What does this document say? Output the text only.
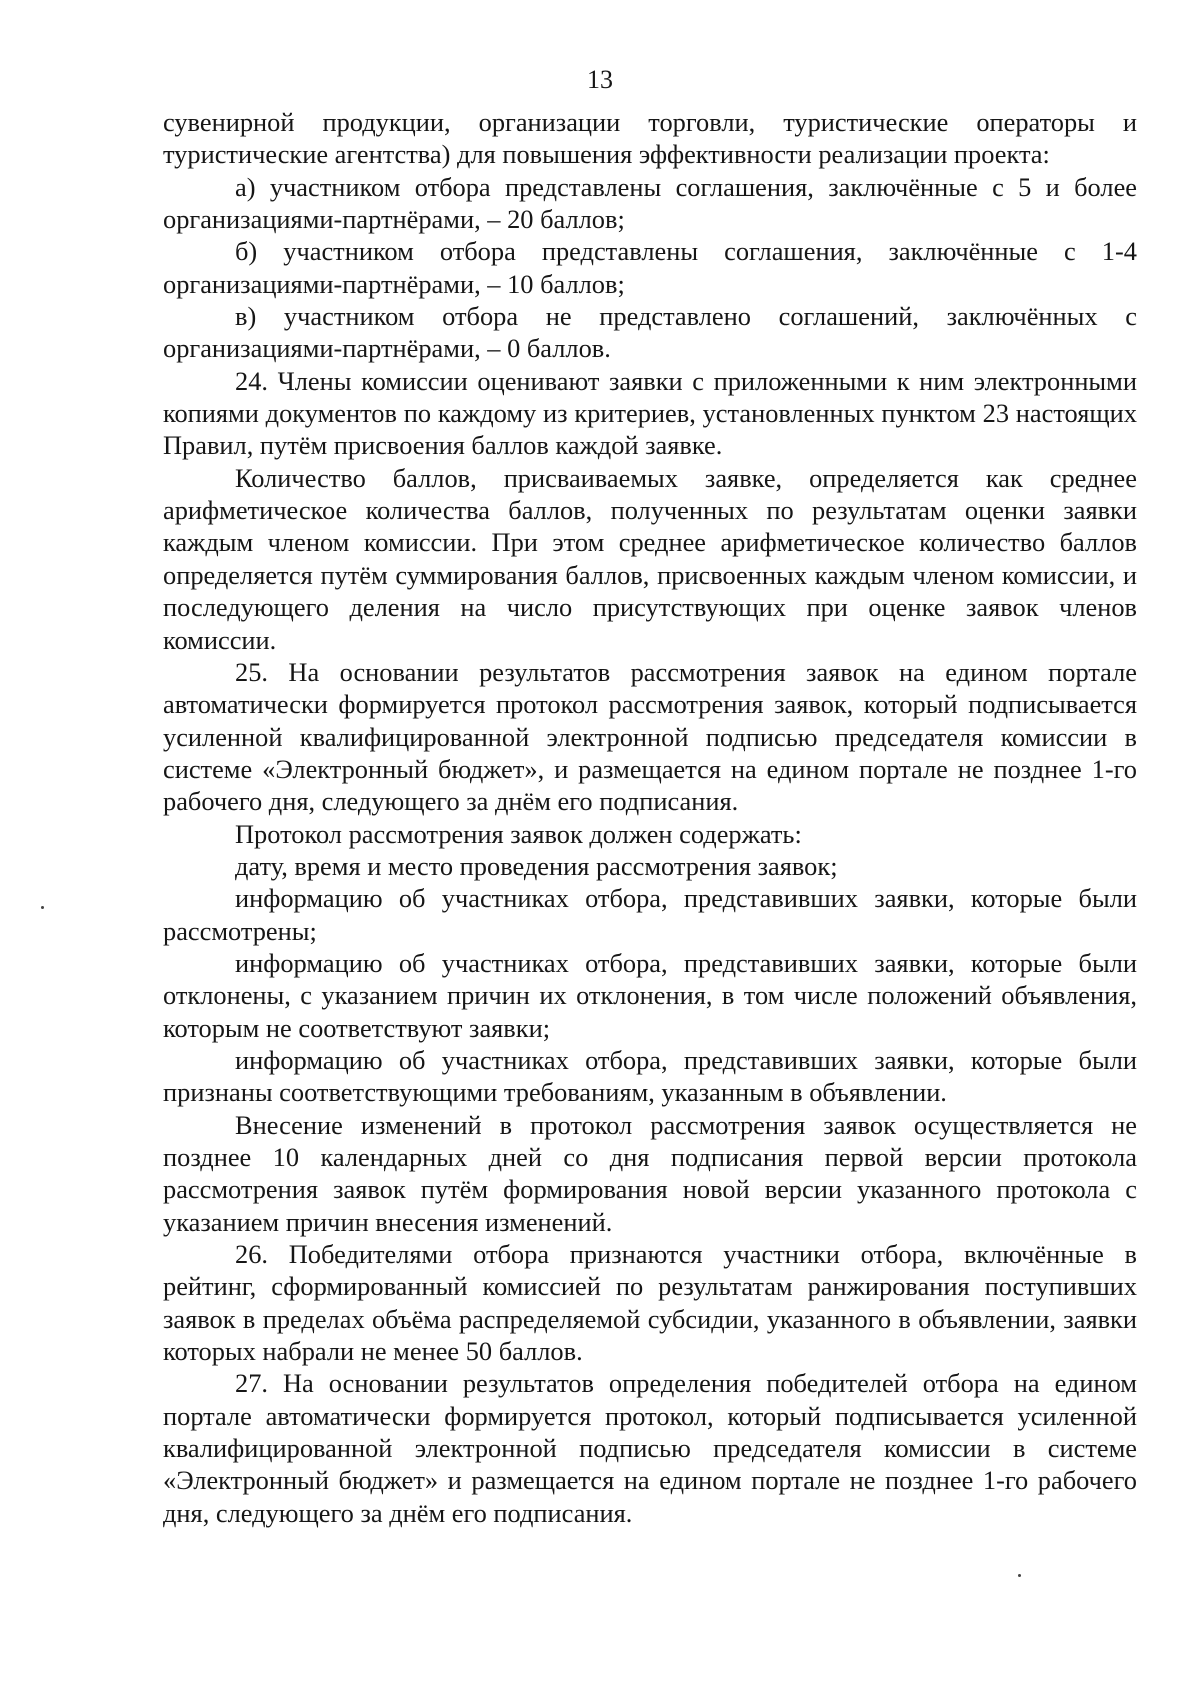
13

сувенирной продукции, организации торговли, туристические операторы и туристические агентства) для повышения эффективности реализации проекта:

а) участником отбора представлены соглашения, заключённые с 5 и более организациями-партнёрами, – 20 баллов;

б) участником отбора представлены соглашения, заключённые с 1-4 организациями-партнёрами, – 10 баллов;

в) участником отбора не представлено соглашений, заключённых с организациями-партнёрами, – 0 баллов.

24. Члены комиссии оценивают заявки с приложенными к ним электронными копиями документов по каждому из критериев, установленных пунктом 23 настоящих Правил, путём присвоения баллов каждой заявке.

Количество баллов, присваиваемых заявке, определяется как среднее арифметическое количества баллов, полученных по результатам оценки заявки каждым членом комиссии. При этом среднее арифметическое количество баллов определяется путём суммирования баллов, присвоенных каждым членом комиссии, и последующего деления на число присутствующих при оценке заявок членов комиссии.

25. На основании результатов рассмотрения заявок на едином портале автоматически формируется протокол рассмотрения заявок, который подписывается усиленной квалифицированной электронной подписью председателя комиссии в системе «Электронный бюджет», и размещается на едином портале не позднее 1-го рабочего дня, следующего за днём его подписания.

Протокол рассмотрения заявок должен содержать:

дату, время и место проведения рассмотрения заявок;

информацию об участниках отбора, представивших заявки, которые были рассмотрены;

информацию об участниках отбора, представивших заявки, которые были отклонены, с указанием причин их отклонения, в том числе положений объявления, которым не соответствуют заявки;

информацию об участниках отбора, представивших заявки, которые были признаны соответствующими требованиям, указанным в объявлении.

Внесение изменений в протокол рассмотрения заявок осуществляется не позднее 10 календарных дней со дня подписания первой версии протокола рассмотрения заявок путём формирования новой версии указанного протокола с указанием причин внесения изменений.

26. Победителями отбора признаются участники отбора, включённые в рейтинг, сформированный комиссией по результатам ранжирования поступивших заявок в пределах объёма распределяемой субсидии, указанного в объявлении, заявки которых набрали не менее 50 баллов.

27. На основании результатов определения победителей отбора на едином портале автоматически формируется протокол, который подписывается усиленной квалифицированной электронной подписью председателя комиссии в системе «Электронный бюджет» и размещается на едином портале не позднее 1-го рабочего дня, следующего за днём его подписания.
